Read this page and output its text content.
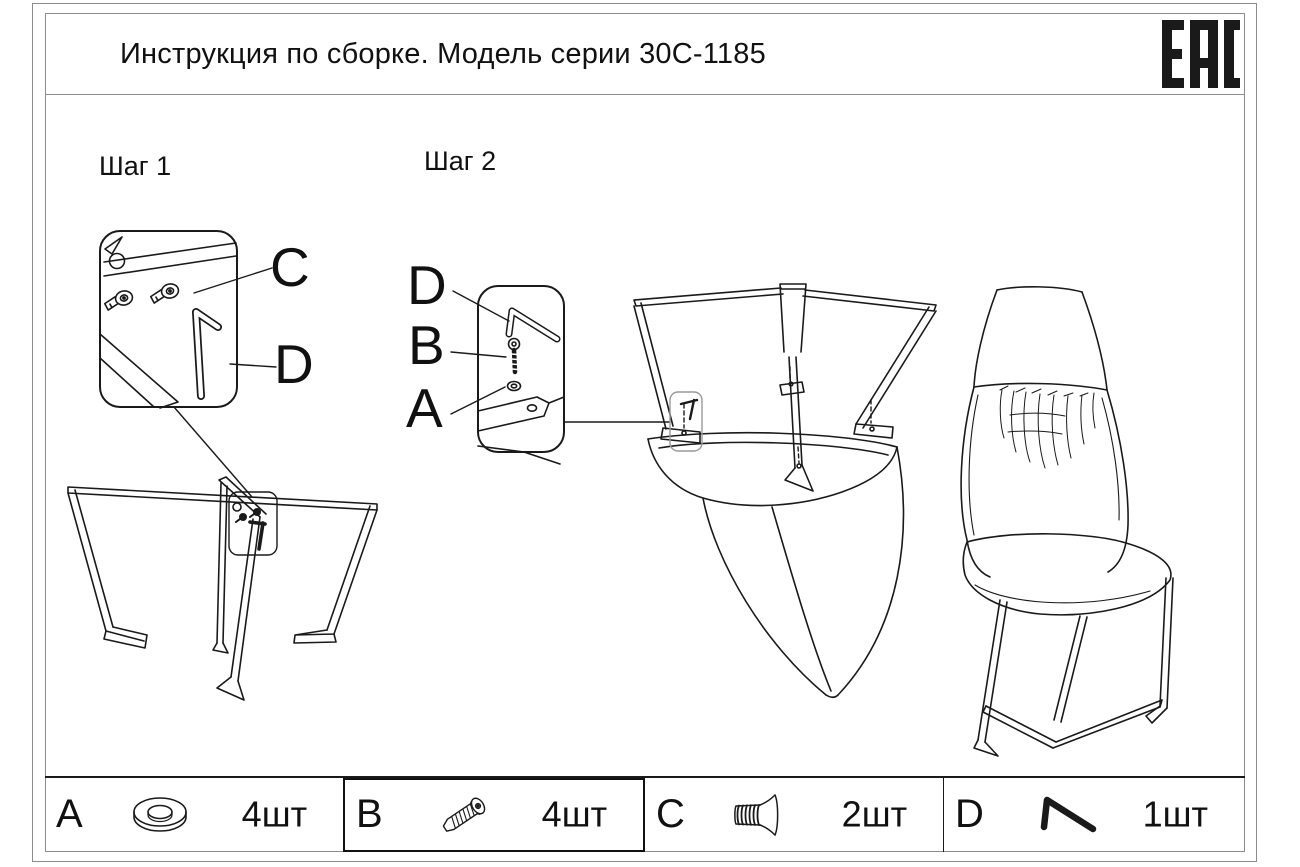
Инструкция по сборке. Модель серии 30С-1185
Шаг 1	Шаг 2
C
D
D
B
A
A	4шт B	4шт C	2шт D	1шт
